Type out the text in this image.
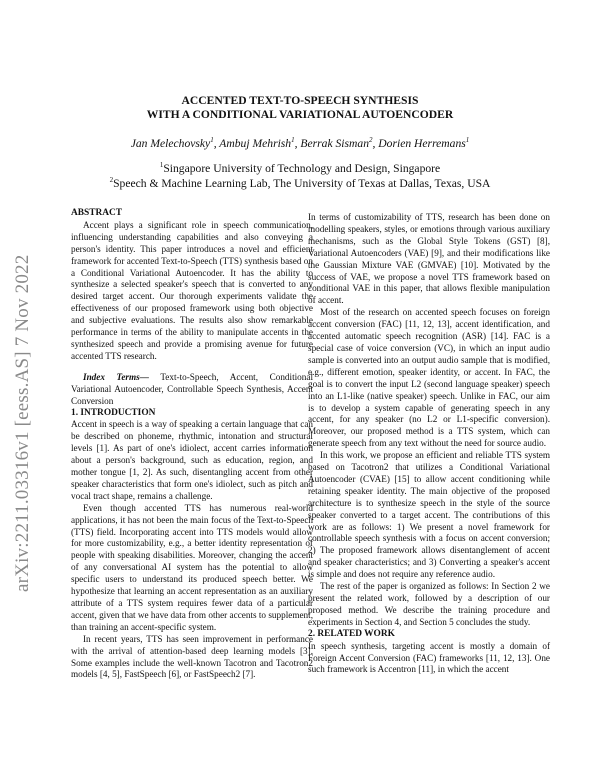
arXiv:2211.03316v1 [eess.AS] 7 Nov 2022
ACCENTED TEXT-TO-SPEECH SYNTHESIS
WITH A CONDITIONAL VARIATIONAL AUTOENCODER
Jan Melechovsky$^1$, Ambuj Mehrish$^1$, Berrak Sisman$^2$, Dorien Herremans$^1$
$^1$Singapore University of Technology and Design, Singapore
$^2$Speech & Machine Learning Lab, The University of Texas at Dallas, Texas, USA

ABSTRACT

Accent plays a significant role in speech communication, influencing understanding capabilities and also conveying a person's identity. This paper introduces a novel and efficient framework for accented Text-to-Speech (TTS) synthesis based on a Conditional Variational Autoencoder. It has the ability to synthesize a selected speaker's speech that is converted to any desired target accent. Our thorough experiments validate the effectiveness of our proposed framework using both objective and subjective evaluations. The results also show remarkable performance in terms of the ability to manipulate accents in the synthesized speech and provide a promising avenue for future accented TTS research.

Index Terms— Text-to-Speech, Accent, Conditional Variational Autoencoder, Controllable Speech Synthesis, Accent Conversion

1. INTRODUCTION

Accent in speech is a way of speaking a certain language that can be described on phoneme, rhythmic, intonation and structural levels [1]. As part of one's idiolect, accent carries information about a person's background, such as education, region, and mother tongue [1, 2]. As such, disentangling accent from other speaker characteristics that form one's idiolect, such as pitch and vocal tract shape, remains a challenge.

Even though accented TTS has numerous real-world applications, it has not been the main focus of the Text-to-Speech (TTS) field. Incorporating accent into TTS models would allow for more customizability, e.g., a better identity representation of people with speaking disabilities. Moreover, changing the accent of any conversational AI system has the potential to allow specific users to understand its produced speech better. We hypothesize that learning an accent representation as an auxiliary attribute of a TTS system requires fewer data of a particular accent, given that we have data from other accents to supplement, than training an accent-specific system.

In recent years, TTS has seen improvement in performance with the arrival of attention-based deep learning models [3]. Some examples include the well-known Tacotron and Tacotron2 models [4, 5], FastSpeech [6], or FastSpeech2 [7].

In terms of customizability of TTS, research has been done on modelling speakers, styles, or emotions through various auxiliary mechanisms, such as the Global Style Tokens (GST) [8], Variational Autoencoders (VAE) [9], and their modifications like the Gaussian Mixture VAE (GMVAE) [10]. Motivated by the success of VAE, we propose a novel TTS framework based on conditional VAE in this paper, that allows flexible manipulation of accent.

Most of the research on accented speech focuses on foreign accent conversion (FAC) [11, 12, 13], accent identification, and accented automatic speech recognition (ASR) [14]. FAC is a special case of voice conversion (VC), in which an input audio sample is converted into an output audio sample that is modified, e.g., different emotion, speaker identity, or accent. In FAC, the goal is to convert the input L2 (second language speaker) speech into an L1-like (native speaker) speech. Unlike in FAC, our aim is to develop a system capable of generating speech in any accent, for any speaker (no L2 or L1-specific conversion). Moreover, our proposed method is a TTS system, which can generate speech from any text without the need for source audio.

In this work, we propose an efficient and reliable TTS system based on Tacotron2 that utilizes a Conditional Variational Autoencoder (CVAE) [15] to allow accent conditioning while retaining speaker identity. The main objective of the proposed architecture is to synthesize speech in the style of the source speaker converted to a target accent. The contributions of this work are as follows: 1) We present a novel framework for controllable speech synthesis with a focus on accent conversion; 2) The proposed framework allows disentanglement of accent and speaker characteristics; and 3) Converting a speaker's accent is simple and does not require any reference audio.

The rest of the paper is organized as follows: In Section 2 we present the related work, followed by a description of our proposed method. We describe the training procedure and experiments in Section 4, and Section 5 concludes the study.

2. RELATED WORK

In speech synthesis, targeting accent is mostly a domain of Foreign Accent Conversion (FAC) frameworks [11, 12, 13]. One such framework is Accentron [11], in which the accent
